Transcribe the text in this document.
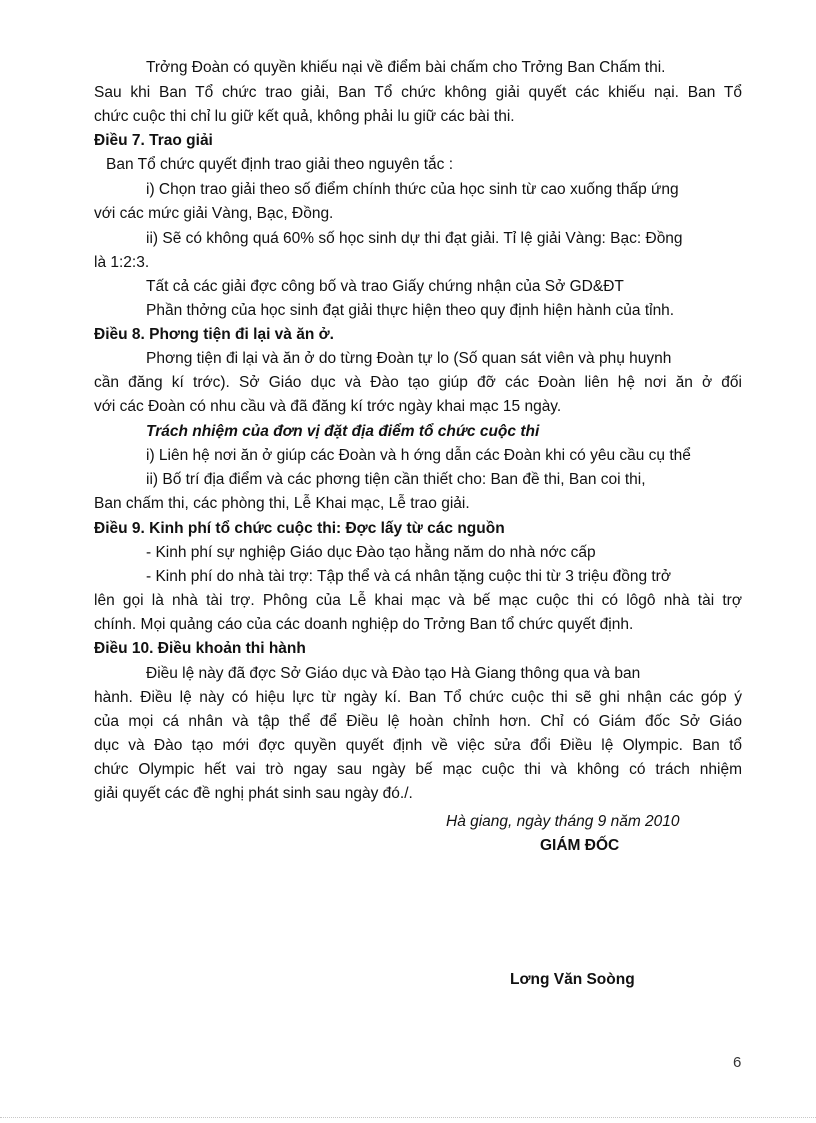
Trởng Đoàn có quyền khiếu nại về điểm bài chấm cho Trởng Ban Chấm thi.
Sau khi Ban Tổ chức trao giải, Ban Tổ chức không giải quyết các khiếu nại. Ban Tổ
chức cuộc thi chỉ lu giữ kết quả, không phải lu giữ các bài thi.
Điều 7. Trao giải
Ban Tổ chức quyết định trao giải theo nguyên tắc :
i) Chọn trao giải theo số điểm chính thức của học sinh từ cao xuống thấp ứng
với các mức giải Vàng, Bạc, Đồng.
ii) Sẽ có không quá 60% số học sinh dự thi đạt giải. Tỉ lệ giải Vàng: Bạc: Đồng
là 1:2:3.
Tất cả các giải đợc công bố và trao Giấy chứng nhận của Sở GD&ĐT
Phần thởng của học sinh đạt giải thực hiện theo quy định hiện hành của tỉnh.
Điều 8. Phơng tiện đi lại và ăn ở.
Phơng tiện đi lại và ăn ở do từng Đoàn tự lo (Số quan sát viên và phụ huynh
cần đăng kí trớc). Sở Giáo dục và Đào tạo giúp đỡ các Đoàn liên hệ nơi ăn ở đối
với các Đoàn có nhu cầu và đã đăng kí trớc ngày khai mạc 15 ngày.
Trách nhiệm của đơn vị đặt địa điểm tổ chức cuộc thi
i) Liên hệ nơi ăn ở giúp các Đoàn và h ớng dẫn các Đoàn khi có yêu cầu cụ thể
ii) Bố trí địa điểm và các phơng tiện cần thiết cho: Ban đề thi, Ban coi thi,
Ban chấm thi, các phòng thi, Lễ Khai mạc, Lễ trao giải.
Điều 9. Kinh phí tổ chức cuộc thi: Đợc lấy từ các nguồn
- Kinh phí sự nghiệp Giáo dục Đào tạo hằng năm do nhà nớc cấp
- Kinh phí do nhà tài trợ: Tập thể và cá nhân tặng cuộc thi từ 3 triệu đồng trở
lên gọi là nhà tài trợ. Phông của Lễ khai mạc và bế mạc cuộc thi có lôgô nhà tài trợ
chính. Mọi quảng cáo của các doanh nghiệp do Trởng Ban tổ chức quyết định.
Điều 10. Điều khoản thi hành
Điều lệ này đã đợc Sở Giáo dục và Đào tạo Hà Giang thông qua và ban
hành. Điều lệ này có hiệu lực từ ngày kí. Ban Tổ chức cuộc thi sẽ ghi nhận các góp ý
của mọi cá nhân và tập thể để Điều lệ hoàn chỉnh hơn. Chỉ có Giám đốc Sở Giáo
dục và Đào tạo mới đợc quyền quyết định về việc sửa đổi Điều lệ Olympic. Ban tổ
chức Olympic hết vai trò ngay sau ngày bế mạc cuộc thi và không có trách nhiệm
giải quyết các đề nghị phát sinh sau ngày đó./.
Hà giang, ngày tháng 9 năm 2010
GIÁM ĐỐC
Lơng Văn Soòng
6
